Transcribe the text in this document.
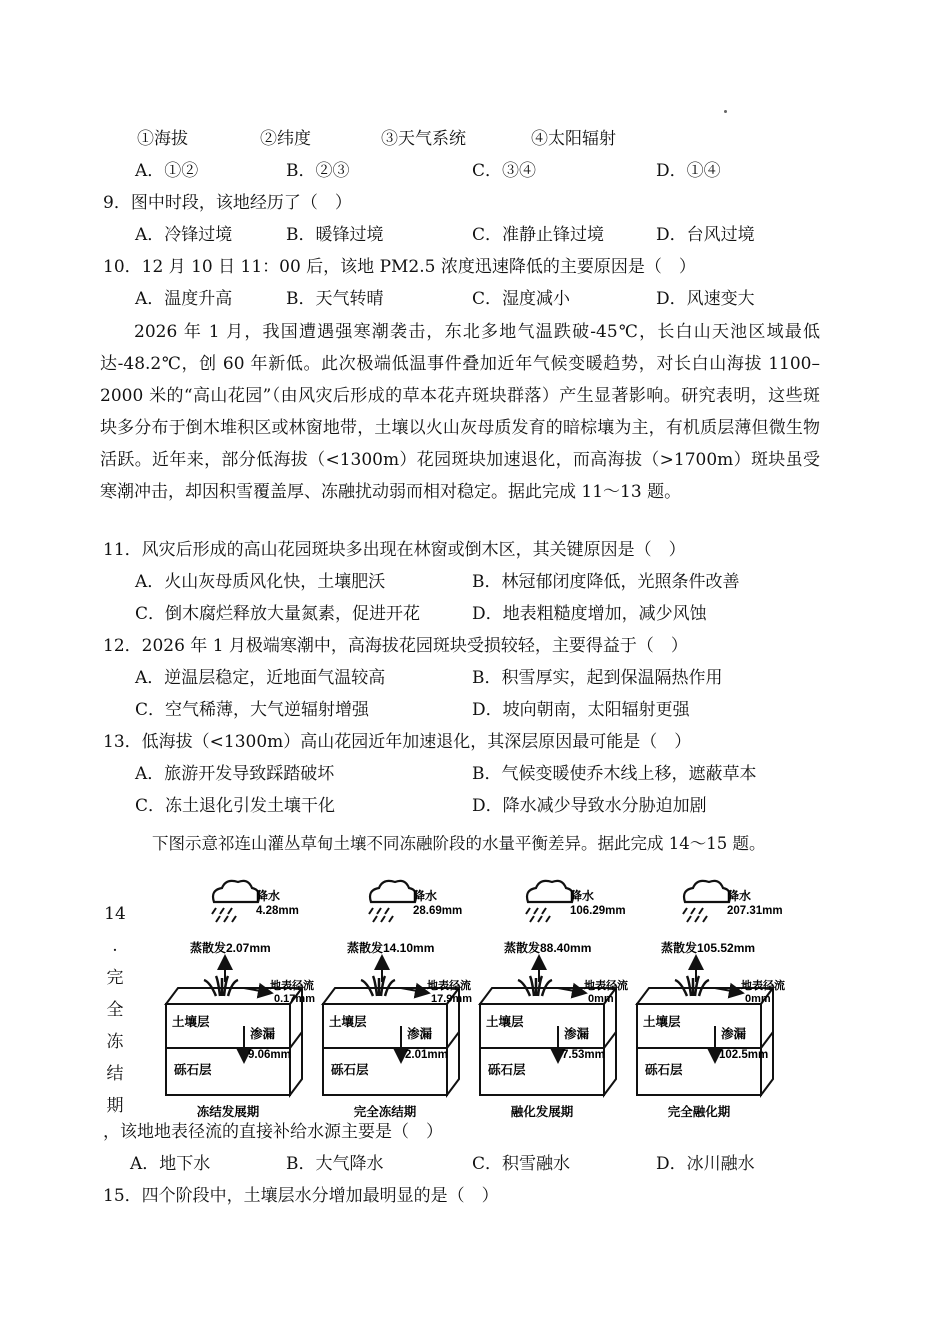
①海拔	②纬度	③天气系统	④太阳辐射
A．①②	B．②③	C．③④	D．①④
9．图中时段，该地经历了（　）
A．冷锋过境	B．暖锋过境	C．准静止锋过境	D．台风过境
10．12 月 10 日 11：00 后，该地 PM2.5 浓度迅速降低的主要原因是（　）
A．温度升高	B．天气转晴	C．湿度减小	D．风速变大

2026 年 1 月，我国遭遇强寒潮袭击，东北多地气温跌破-45℃，长白山天池区域最低达-48.2℃，创 60 年新低。此次极端低温事件叠加近年气候变暖趋势，对长白山海拔 1100–2000 米的“高山花园”（由风灾后形成的草本花卉斑块群落）产生显著影响。研究表明，这些斑块多分布于倒木堆积区或林窗地带，土壤以火山灰母质发育的暗棕壤为主，有机质层薄但微生物活跃。近年来，部分低海拔（<1300m）花园斑块加速退化，而高海拔（>1700m）斑块虽受寒潮冲击，却因积雪覆盖厚、冻融扰动弱而相对稳定。据此完成 11～13 题。

11．风灾后形成的高山花园斑块多出现在林窗或倒木区，其关键原因是（　）
A．火山灰母质风化快，土壤肥沃	B．林冠郁闭度降低，光照条件改善
C．倒木腐烂释放大量氮素，促进开花	D．地表粗糙度增加，减少风蚀
12．2026 年 1 月极端寒潮中，高海拔花园斑块受损较轻，主要得益于（　）
A．逆温层稳定，近地面气温较高	B．积雪厚实，起到保温隔热作用
C．空气稀薄，大气逆辐射增强	D．坡向朝南，太阳辐射更强
13．低海拔（<1300m）高山花园近年加速退化，其深层原因最可能是（　）
A．旅游开发导致踩踏破坏	B．气候变暖使乔木线上移，遮蔽草本
C．冻土退化引发土壤干化	D．降水减少导致水分胁迫加剧
下图示意祁连山灌丛草甸土壤不同冻融阶段的水量平衡差异。据此完成 14～15 题。
14
.
完
全
冻
结
期
降水
4.28mm
蒸散发2.07mm
地表径流
0.17mm
土壤层
渗漏
9.06mm
砾石层
冻结发展期
降水
28.69mm
蒸散发14.10mm
地表径流
17.9mm
土壤层
渗漏
2.01mm
砾石层
完全冻结期
降水
106.29mm
蒸散发88.40mm
地表径流
0mm
土壤层
渗漏
7.53mm
砾石层
融化发展期
降水
207.31mm
蒸散发105.52mm
地表径流
0mm
土壤层
渗漏
102.5mm
砾石层
完全融化期
，该地地表径流的直接补给水源主要是（　）
A．地下水	B．大气降水	C．积雪融水	D．冰川融水
15．四个阶段中，土壤层水分增加最明显的是（　）
